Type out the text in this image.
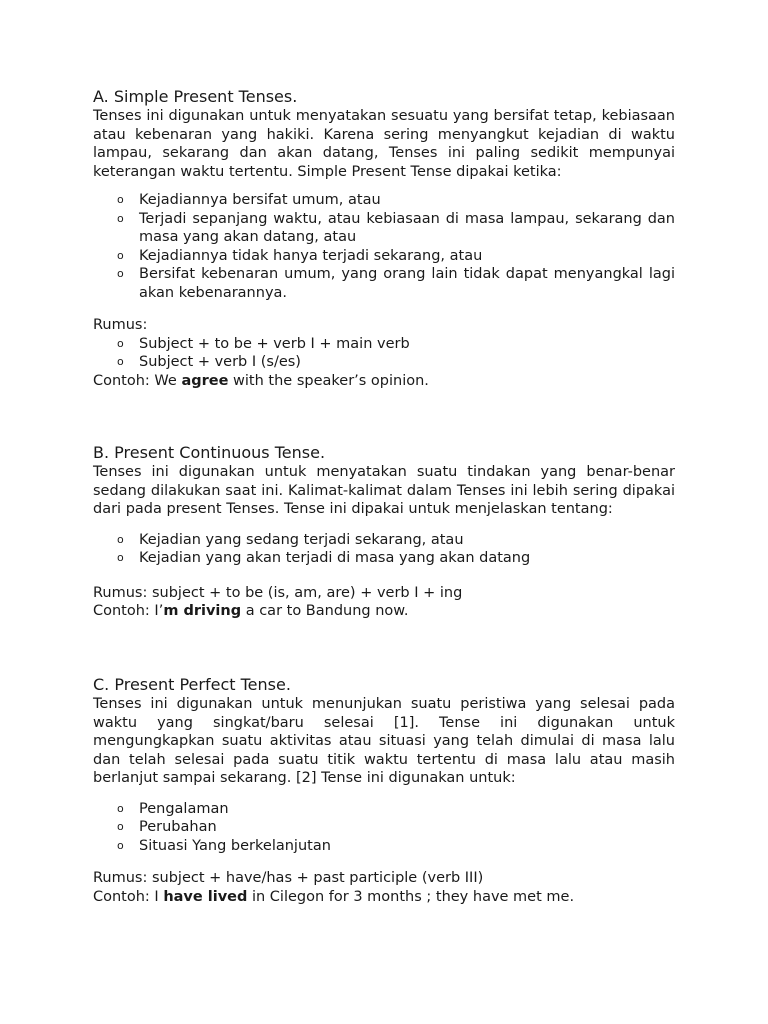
A. Simple Present Tenses.

Tenses ini digunakan untuk menyatakan sesuatu yang bersifat tetap, kebiasaan atau kebenaran yang hakiki. Karena sering menyangkut kejadian di waktu lampau, sekarang dan akan datang, Tenses ini paling sedikit mempunyai keterangan waktu tertentu. Simple Present Tense dipakai ketika:

o Kejadiannya bersifat umum, atau
o Terjadi sepanjang waktu, atau kebiasaan di masa lampau, sekarang dan masa yang akan datang, atau
o Kejadiannya tidak hanya terjadi sekarang, atau
o Bersifat kebenaran umum, yang orang lain tidak dapat menyangkal lagi akan kebenarannya.

Rumus:

o Subject + to be + verb I + main verb
o Subject + verb I (s/es)

Contoh: We agree with the speaker’s opinion.

B. Present Continuous Tense.

Tenses ini digunakan untuk menyatakan suatu tindakan yang benar-benar sedang dilakukan saat ini. Kalimat-kalimat dalam Tenses ini lebih sering dipakai dari pada present Tenses. Tense ini dipakai untuk menjelaskan tentang:

o Kejadian yang sedang terjadi sekarang, atau
o Kejadian yang akan terjadi di masa yang akan datang

Rumus: subject + to be (is, am, are) + verb I + ing

Contoh: I’m driving a car to Bandung now.

C. Present Perfect Tense.

Tenses ini digunakan untuk menunjukan suatu peristiwa yang selesai pada waktu yang singkat/baru selesai [1]. Tense ini digunakan untuk mengungkapkan suatu aktivitas atau situasi yang telah dimulai di masa lalu dan telah selesai pada suatu titik waktu tertentu di masa lalu atau masih berlanjut sampai sekarang. [2] Tense ini digunakan untuk:

o Pengalaman
o Perubahan
o Situasi Yang berkelanjutan

Rumus: subject + have/has + past participle (verb III)

Contoh: I have lived in Cilegon for 3 months ; they have met me.
